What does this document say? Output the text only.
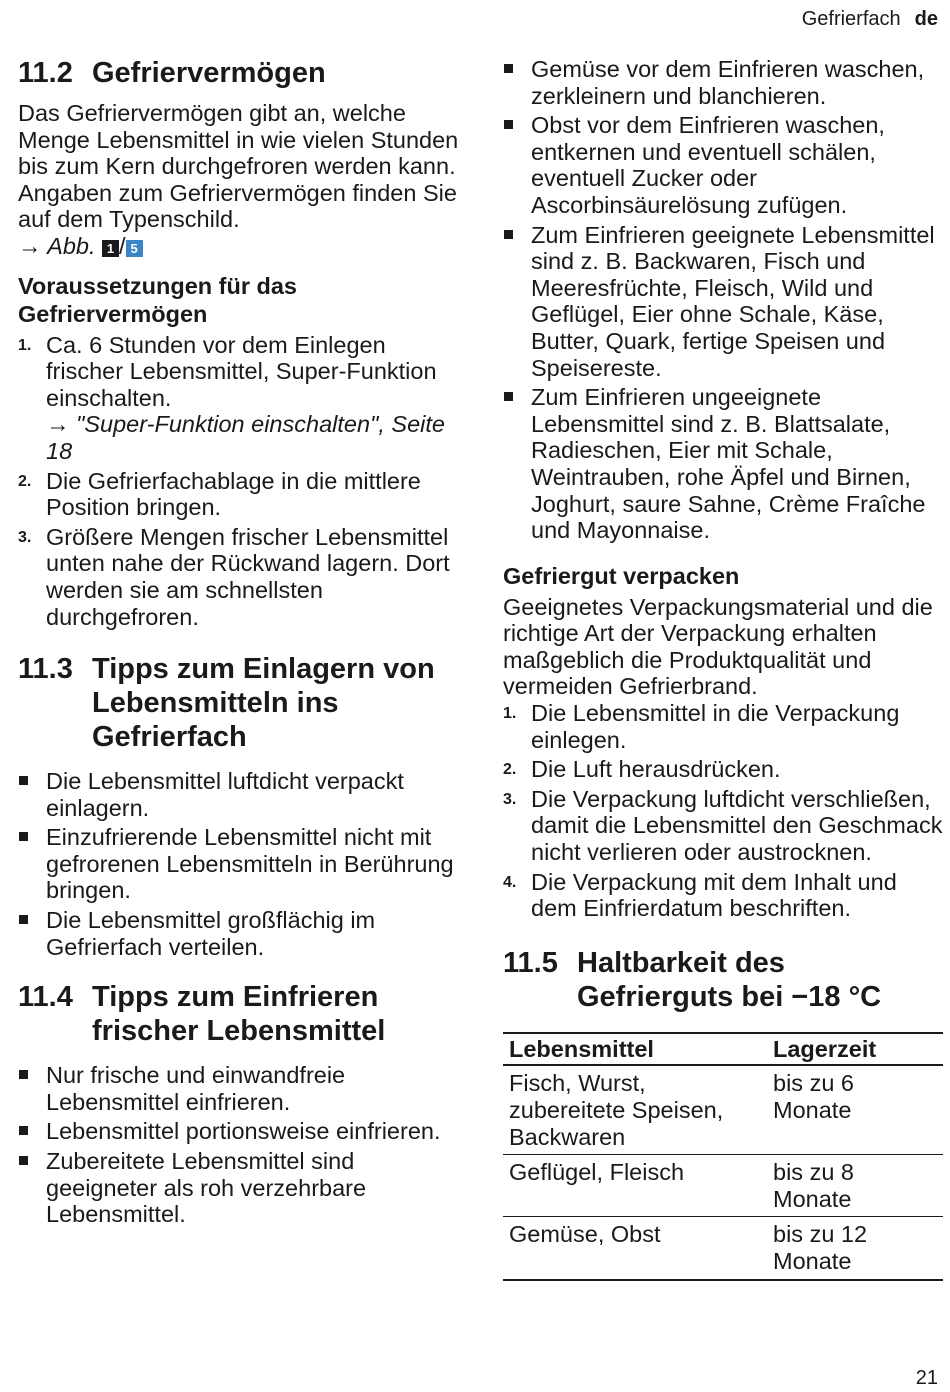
Gefrierfach de
11.2 Gefriervermögen

Das Gefriervermögen gibt an, welche Menge Lebensmittel in wie vielen Stunden bis zum Kern durchgefroren werden kann.

Angaben zum Gefriervermögen finden Sie auf dem Typenschild.

→ Abb. 1 / 5

Voraussetzungen für das Gefriervermögen
1. Ca. 6 Stunden vor dem Einlegen frischer Lebensmittel, Super-Funktion einschalten.
→ "Super-Funktion einschalten", Seite 18
2. Die Gefrierfachablage in die mittlere Position bringen.
3. Größere Mengen frischer Lebensmittel unten nahe der Rückwand lagern. Dort werden sie am schnellsten durchgefroren.
11.3 Tipps zum Einlagern von Lebensmitteln ins Gefrierfach
Die Lebensmittel luftdicht verpackt einlagern.
Einzufrierende Lebensmittel nicht mit gefrorenen Lebensmitteln in Berührung bringen.
Die Lebensmittel großflächig im Gefrierfach verteilen.
11.4 Tipps zum Einfrieren frischer Lebensmittel
Nur frische und einwandfreie Lebensmittel einfrieren.
Lebensmittel portionsweise einfrieren.
Zubereitete Lebensmittel sind geeigneter als roh verzehrbare Lebensmittel.
Gemüse vor dem Einfrieren waschen, zerkleinern und blanchieren.
Obst vor dem Einfrieren waschen, entkernen und eventuell schälen, eventuell Zucker oder Ascorbinsäurelösung zufügen.
Zum Einfrieren geeignete Lebensmittel sind z. B. Backwaren, Fisch und Meeresfrüchte, Fleisch, Wild und Geflügel, Eier ohne Schale, Käse, Butter, Quark, fertige Speisen und Speisereste.
Zum Einfrieren ungeeignete Lebensmittel sind z. B. Blattsalate, Radieschen, Eier mit Schale, Weintrauben, rohe Äpfel und Birnen, Joghurt, saure Sahne, Crème Fraîche und Mayonnaise.
Gefriergut verpacken

Geeignetes Verpackungsmaterial und die richtige Art der Verpackung erhalten maßgeblich die Produktqualität und vermeiden Gefrierbrand.

1. Die Lebensmittel in die Verpackung einlegen.
2. Die Luft herausdrücken.
3. Die Verpackung luftdicht verschließen, damit die Lebensmittel den Geschmack nicht verlieren oder austrocknen.
4. Die Verpackung mit dem Inhalt und dem Einfrierdatum beschriften.
11.5 Haltbarkeit des Gefrierguts bei −18 °C
Lebensmittel	Lagerzeit
Fisch, Wurst, zubereitete Speisen, Backwaren	bis zu 6 Monate
Geflügel, Fleisch	bis zu 8 Monate
Gemüse, Obst	bis zu 12 Monate
21
